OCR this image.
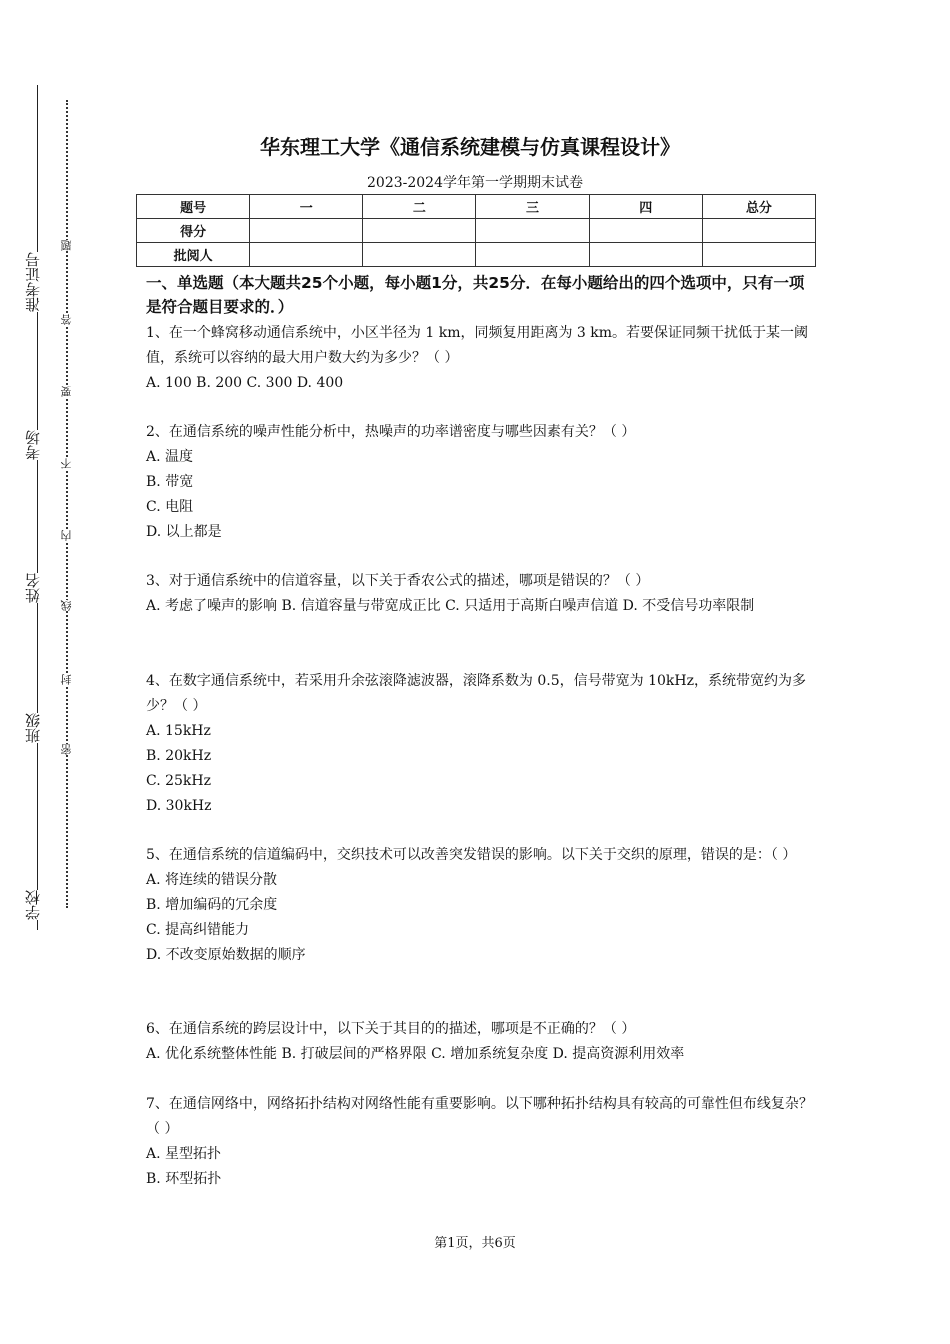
准考证号
考场
姓名
班级
学校
题
答
要
不
内
线
封
密
华东理工大学《通信系统建模与仿真课程设计》
2023-2024学年第一学期期末试卷
题号	一	二	三	四	总分
得分					
批阅人					
一、单选题（本大题共25个小题，每小题1分，共25分．在每小题给出的四个选项中，只有一项是符合题目要求的．）

1、在一个蜂窝移动通信系统中，小区半径为 1 km，同频复用距离为 3 km。若要保证同频干扰低于某一阈值，系统可以容纳的最大用户数大约为多少？（ ）

A. 100 B. 200 C. 300 D. 400

2、在通信系统的噪声性能分析中，热噪声的功率谱密度与哪些因素有关？（ ）

A. 温度

B. 带宽

C. 电阻

D. 以上都是

3、对于通信系统中的信道容量，以下关于香农公式的描述，哪项是错误的？（ ）

A. 考虑了噪声的影响 B. 信道容量与带宽成正比 C. 只适用于高斯白噪声信道 D. 不受信号功率限制

4、在数字通信系统中，若采用升余弦滚降滤波器，滚降系数为 0.5，信号带宽为 10kHz，系统带宽约为多少？（ ）

A. 15kHz

B. 20kHz

C. 25kHz

D. 30kHz

5、在通信系统的信道编码中，交织技术可以改善突发错误的影响。以下关于交织的原理，错误的是：（ ）

A. 将连续的错误分散

B. 增加编码的冗余度

C. 提高纠错能力

D. 不改变原始数据的顺序

6、在通信系统的跨层设计中，以下关于其目的的描述，哪项是不正确的？（ ）

A. 优化系统整体性能 B. 打破层间的严格界限 C. 增加系统复杂度 D. 提高资源利用效率

7、在通信网络中，网络拓扑结构对网络性能有重要影响。以下哪种拓扑结构具有较高的可靠性但布线复杂？（ ）

A. 星型拓扑

B. 环型拓扑

第1页，共6页
